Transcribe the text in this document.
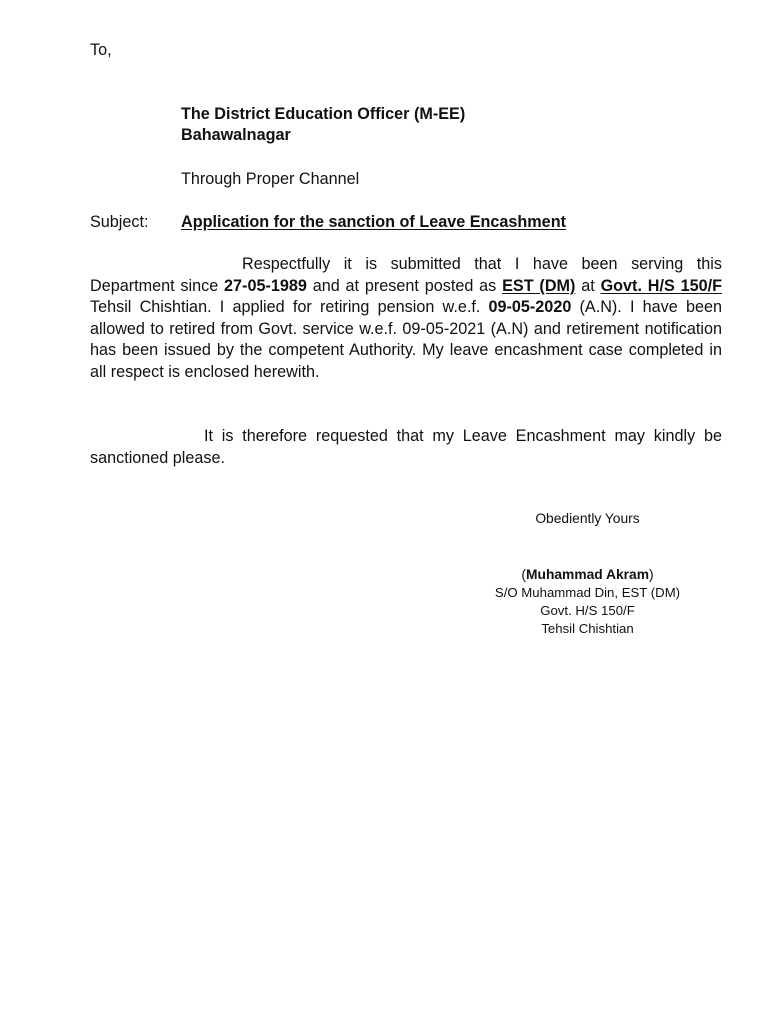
To,
The District Education Officer (M-EE)
Bahawalnagar
Through Proper Channel
Subject: Application for the sanction of Leave Encashment
Respectfully it is submitted that I have been serving this Department since 27-05-1989 and at present posted as EST (DM) at Govt. H/S 150/F Tehsil Chishtian. I applied for retiring pension w.e.f. 09-05-2020 (A.N). I have been allowed to retired from Govt. service w.e.f. 09-05-2021 (A.N) and retirement notification has been issued by the competent Authority. My leave encashment case completed in all respect is enclosed herewith.
It is therefore requested that my Leave Encashment may kindly be sanctioned please.
Obediently Yours
(Muhammad Akram)
S/O Muhammad Din, EST (DM)
Govt. H/S 150/F
Tehsil Chishtian
